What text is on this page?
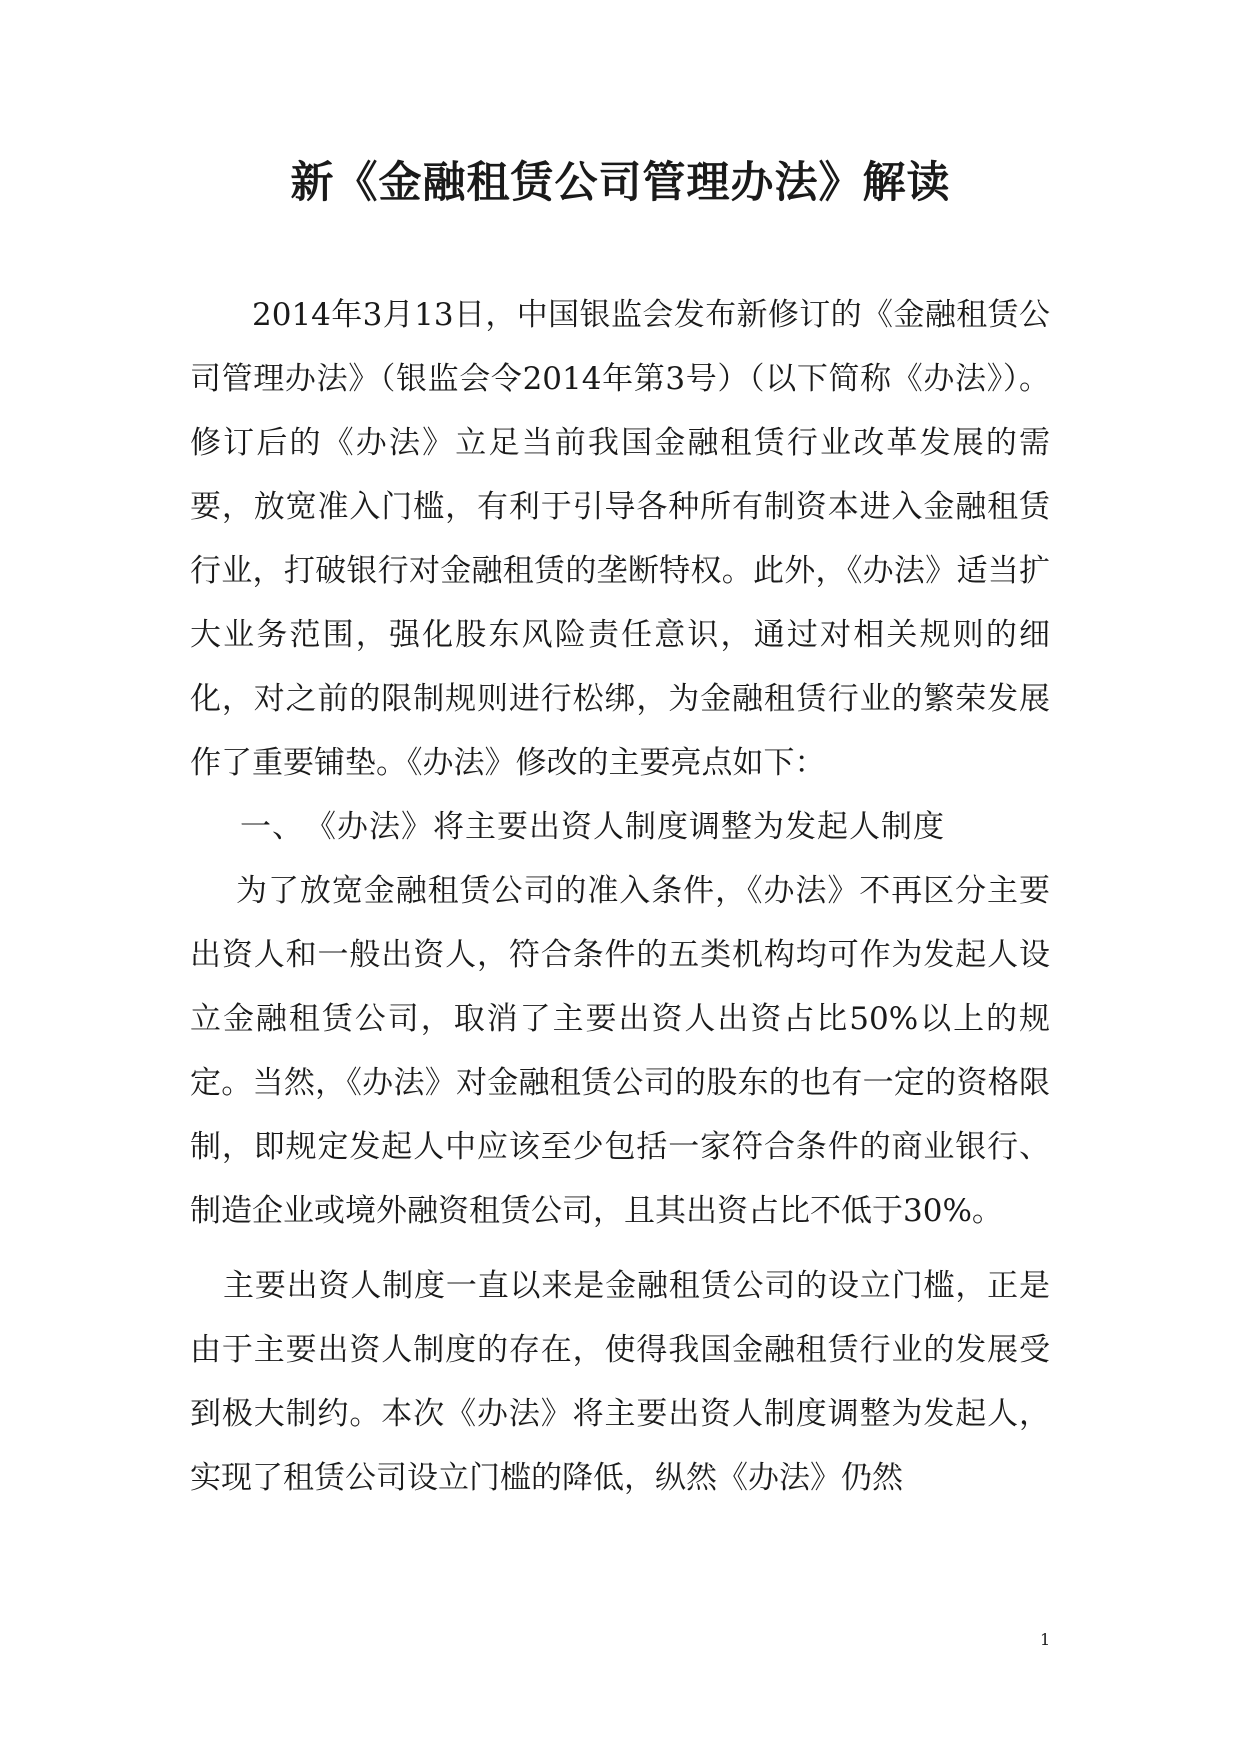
新《金融租赁公司管理办法》解读

2014年3月13日，中国银监会发布新修订的《金融租赁公司管理办法》（银监会令2014年第3号）（以下简称《办法》）。修订后的《办法》立足当前我国金融租赁行业改革发展的需要，放宽准入门槛，有利于引导各种所有制资本进入金融租赁行业，打破银行对金融租赁的垄断特权。此外，《办法》适当扩大业务范围，强化股东风险责任意识，通过对相关规则的细化，对之前的限制规则进行松绑，为金融租赁行业的繁荣发展作了重要铺垫。《办法》修改的主要亮点如下：

一、　《办法》将主要出资人制度调整为发起人制度

为了放宽金融租赁公司的准入条件，《办法》不再区分主要出资人和一般出资人，符合条件的五类机构均可作为发起人设立金融租赁公司，取消了主要出资人出资占比50%以上的规定。当然，《办法》对金融租赁公司的股东的也有一定的资格限制，即规定发起人中应该至少包括一家符合条件的商业银行、制造企业或境外融资租赁公司，且其出资占比不低于30%。

主要出资人制度一直以来是金融租赁公司的设立门槛，正是由于主要出资人制度的存在，使得我国金融租赁行业的发展受到极大制约。本次《办法》将主要出资人制度调整为发起人，实现了租赁公司设立门槛的降低，纵然《办法》仍然

1
